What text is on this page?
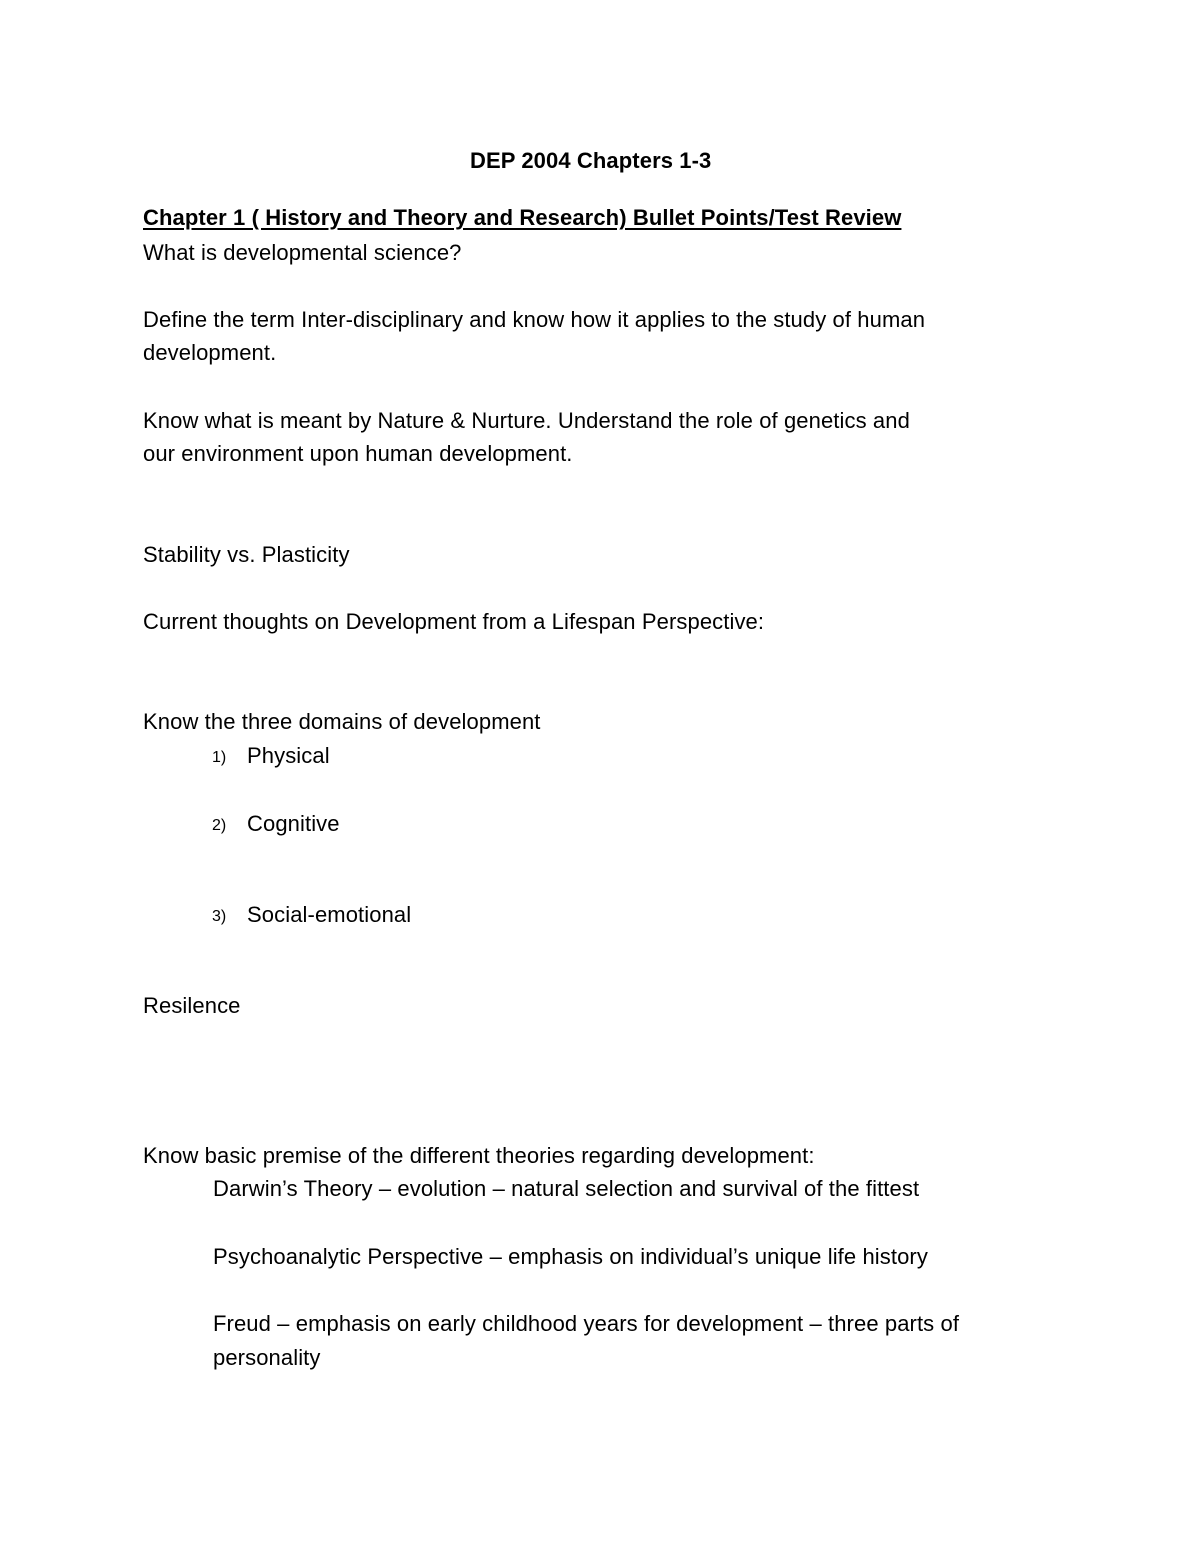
DEP 2004 Chapters 1-3
Chapter 1 ( History and Theory and Research) Bullet Points/Test Review
What is developmental science?
Define the term Inter-disciplinary and know how it applies to the study of human
development.
Know what is meant by Nature & Nurture. Understand the role of genetics and
our environment upon human development.
Stability vs. Plasticity
Current thoughts on Development from a Lifespan Perspective:
Know the three domains of development
1) Physical
2) Cognitive
3) Social-emotional
Resilence
Know basic premise of the different theories regarding development:
Darwin’s Theory – evolution – natural selection and survival of the fittest
Psychoanalytic Perspective – emphasis on individual’s unique life history
Freud – emphasis on early childhood years for development – three parts of
personality
